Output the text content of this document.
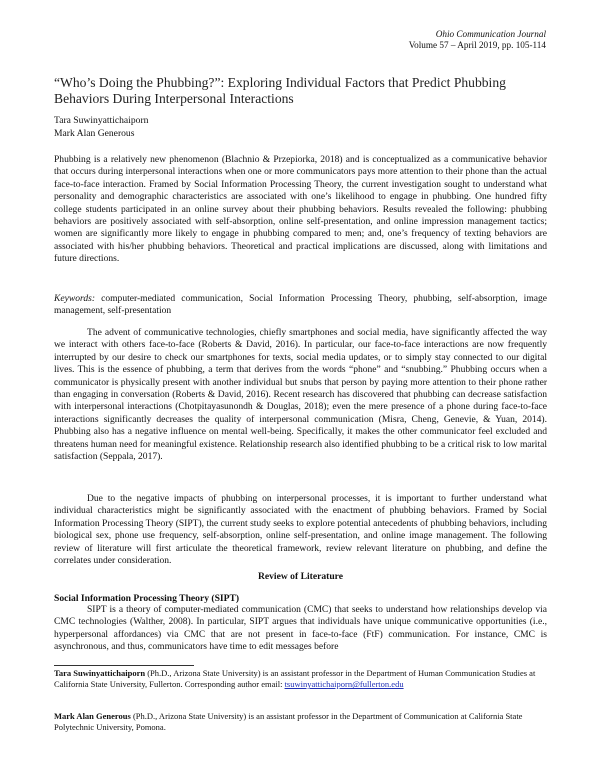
Ohio Communication Journal
Volume 57 – April 2019, pp. 105-114
“Who’s Doing the Phubbing?”: Exploring Individual Factors that Predict Phubbing Behaviors During Interpersonal Interactions
Tara Suwinyattichaiporn
Mark Alan Generous
Phubbing is a relatively new phenomenon (Blachnio & Przepiorka, 2018) and is conceptualized as a communicative behavior that occurs during interpersonal interactions when one or more communicators pays more attention to their phone than the actual face-to-face interaction. Framed by Social Information Processing Theory, the current investigation sought to understand what personality and demographic characteristics are associated with one’s likelihood to engage in phubbing. One hundred fifty college students participated in an online survey about their phubbing behaviors. Results revealed the following: phubbing behaviors are positively associated with self-absorption, online self-presentation, and online impression management tactics; women are significantly more likely to engage in phubbing compared to men; and, one’s frequency of texting behaviors are associated with his/her phubbing behaviors. Theoretical and practical implications are discussed, along with limitations and future directions.
Keywords: computer-mediated communication, Social Information Processing Theory, phubbing, self-absorption, image management, self-presentation
The advent of communicative technologies, chiefly smartphones and social media, have significantly affected the way we interact with others face-to-face (Roberts & David, 2016). In particular, our face-to-face interactions are now frequently interrupted by our desire to check our smartphones for texts, social media updates, or to simply stay connected to our digital lives. This is the essence of phubbing, a term that derives from the words “phone” and “snubbing.” Phubbing occurs when a communicator is physically present with another individual but snubs that person by paying more attention to their phone rather than engaging in conversation (Roberts & David, 2016). Recent research has discovered that phubbing can decrease satisfaction with interpersonal interactions (Chotpitayasunondh & Douglas, 2018); even the mere presence of a phone during face-to-face interactions significantly decreases the quality of interpersonal communication (Misra, Cheng, Genevie, & Yuan, 2014). Phubbing also has a negative influence on mental well-being. Specifically, it makes the other communicator feel excluded and threatens human need for meaningful existence. Relationship research also identified phubbing to be a critical risk to low marital satisfaction (Seppala, 2017).
Due to the negative impacts of phubbing on interpersonal processes, it is important to further understand what individual characteristics might be significantly associated with the enactment of phubbing behaviors. Framed by Social Information Processing Theory (SIPT), the current study seeks to explore potential antecedents of phubbing behaviors, including biological sex, phone use frequency, self-absorption, online self-presentation, and online image management. The following review of literature will first articulate the theoretical framework, review relevant literature on phubbing, and define the correlates under consideration.
Review of Literature
Social Information Processing Theory (SIPT)
SIPT is a theory of computer-mediated communication (CMC) that seeks to understand how relationships develop via CMC technologies (Walther, 2008). In particular, SIPT argues that individuals have unique communicative opportunities (i.e., hyperpersonal affordances) via CMC that are not present in face-to-face (FtF) communication. For instance, CMC is asynchronous, and thus, communicators have time to edit messages before
Tara Suwinyattichaiporn (Ph.D., Arizona State University) is an assistant professor in the Department of Human Communication Studies at California State University, Fullerton. Corresponding author email: tsuwinyattichaiporn@fullerton.edu
Mark Alan Generous (Ph.D., Arizona State University) is an assistant professor in the Department of Communication at California State Polytechnic University, Pomona.
